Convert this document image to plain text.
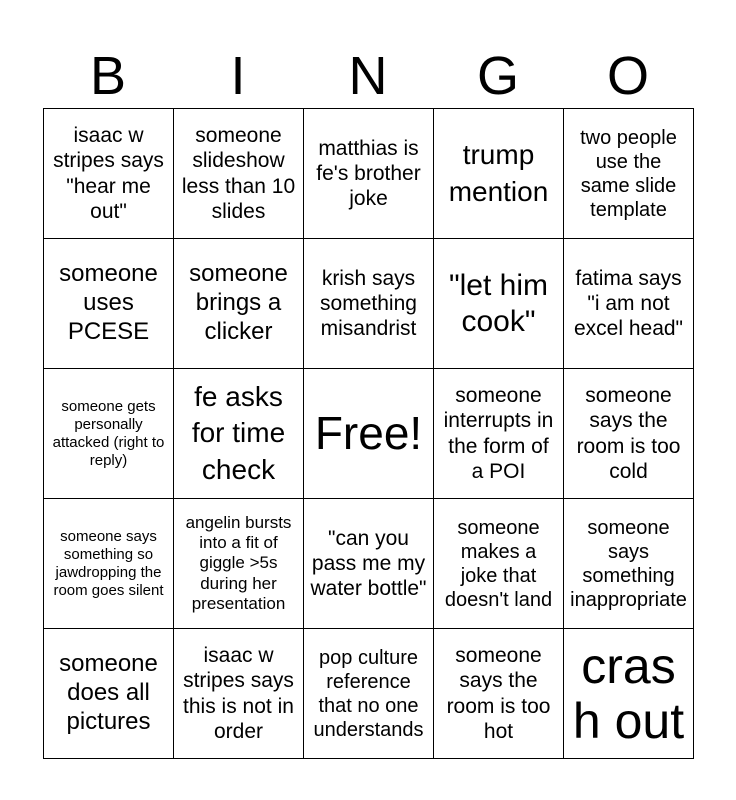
B	I	N	G	O
isaac w stripes says "hear me out"	someone slideshow less than 10 slides	matthias is fe's brother joke	trump mention	two people use the same slide template
someone uses PCESE	someone brings a clicker	krish says something misandrist	"let him cook"	fatima says "i am not excel head"
someone gets personally attacked (right to reply)	fe asks for time check	Free!	someone interrupts in the form of a POI	someone says the room is too cold
someone says something so jawdropping the room goes silent	angelin bursts into a fit of giggle >5s during her presentation	"can you pass me my water bottle"	someone makes a joke that doesn't land	someone says something inappropriate
someone does all pictures	isaac w stripes says this is not in order	pop culture reference that no one understands	someone says the room is too hot	crash out
